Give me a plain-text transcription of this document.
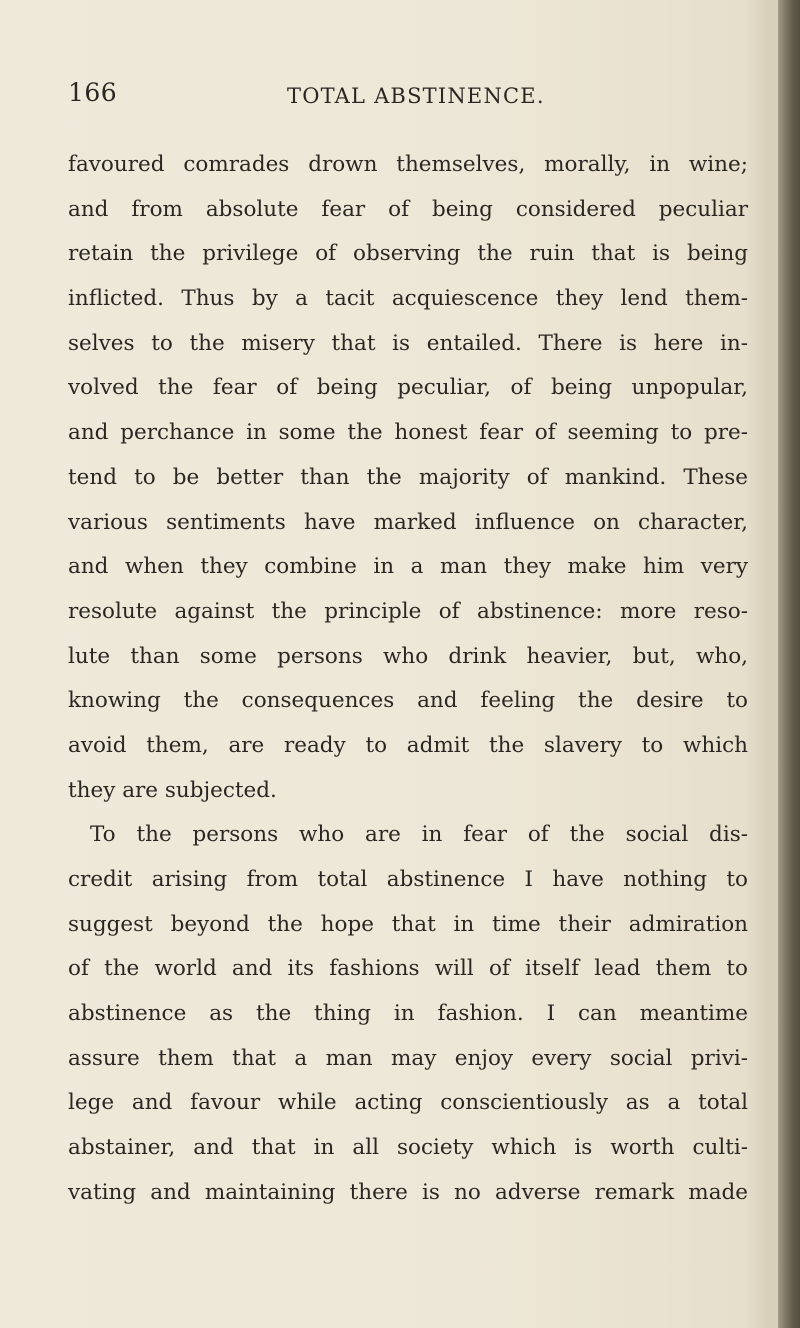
166	TOTAL ABSTINENCE.
favoured comrades drown themselves, morally, in wine;
and from absolute fear of being considered peculiar
retain the privilege of observing the ruin that is being
inflicted. Thus by a tacit acquiescence they lend them-
selves to the misery that is entailed. There is here in-
volved the fear of being peculiar, of being unpopular,
and perchance in some the honest fear of seeming to pre-
tend to be better than the majority of mankind. These
various sentiments have marked influence on character,
and when they combine in a man they make him very
resolute against the principle of abstinence: more reso-
lute than some persons who drink heavier, but, who,
knowing the consequences and feeling the desire to
avoid them, are ready to admit the slavery to which
they are subjected.
To the persons who are in fear of the social dis-
credit arising from total abstinence I have nothing to
suggest beyond the hope that in time their admiration
of the world and its fashions will of itself lead them to
abstinence as the thing in fashion. I can meantime
assure them that a man may enjoy every social privi-
lege and favour while acting conscientiously as a total
abstainer, and that in all society which is worth culti-
vating and maintaining there is no adverse remark made
